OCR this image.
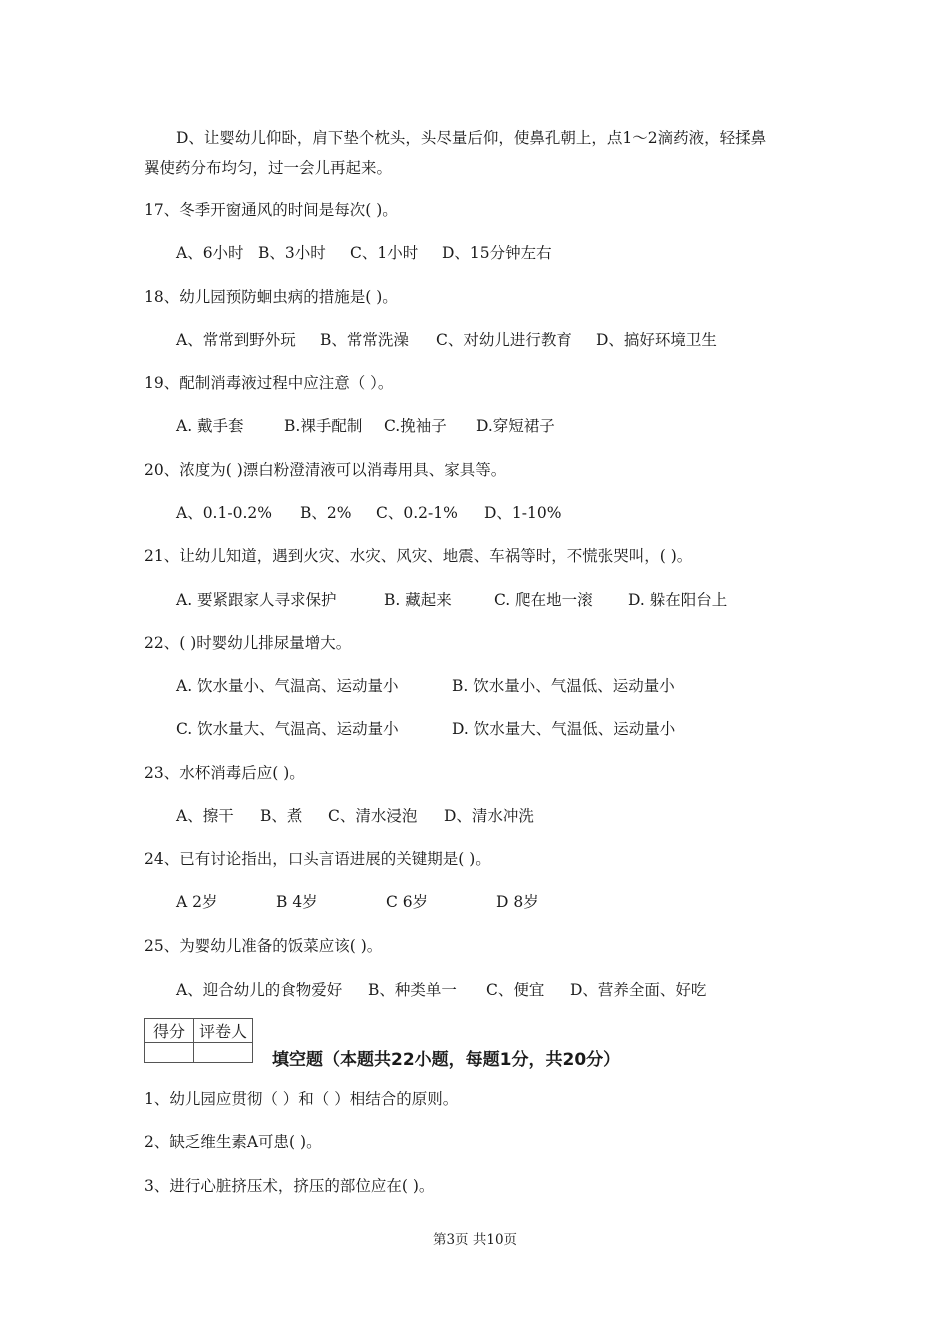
D、让婴幼儿仰卧，肩下垫个枕头，头尽量后仰，使鼻孔朝上，点1～2滴药液，轻揉鼻
翼使药分布均匀，过一会儿再起来。
17、冬季开窗通风的时间是每次( )。
A、6小时 B、3小时 C、1小时 D、15分钟左右
18、幼儿园预防蛔虫病的措施是( )。
A、常常到野外玩 B、常常洗澡 C、对幼儿进行教育 D、搞好环境卫生
19、配制消毒液过程中应注意（ ）。
A. 戴手套	B.裸手配制 C.挽袖子 D.穿短裙子
20、浓度为( )漂白粉澄清液可以消毒用具、家具等。
A、0.1-0.2% B、2% C、0.2-1% D、1-10%
21、让幼儿知道，遇到火灾、水灾、风灾、地震、车祸等时，不慌张哭叫，( )。
A. 要紧跟家人寻求保护	B. 藏起来	C. 爬在地一滚 D. 躲在阳台上
22、( )时婴幼儿排尿量增大。
A. 饮水量小、气温高、运动量小	B. 饮水量小、气温低、运动量小
C. 饮水量大、气温高、运动量小	D. 饮水量大、气温低、运动量小
23、水杯消毒后应( )。
A、擦干 B、煮 C、清水浸泡 D、清水冲洗
24、已有讨论指出，口头言语进展的关键期是( )。
A 2岁	B 4岁	C 6岁	D 8岁
25、为婴幼儿准备的饭菜应该( )。
A、迎合幼儿的食物爱好 B、种类单一 C、便宜 D、营养全面、好吃
得分	评卷人

填空题（本题共22小题，每题1分，共20分）
1、幼儿园应贯彻（ ）和（ ）相结合的原则。
2、缺乏维生素A可患( )。
3、进行心脏挤压术，挤压的部位应在( )。
第3页 共10页
